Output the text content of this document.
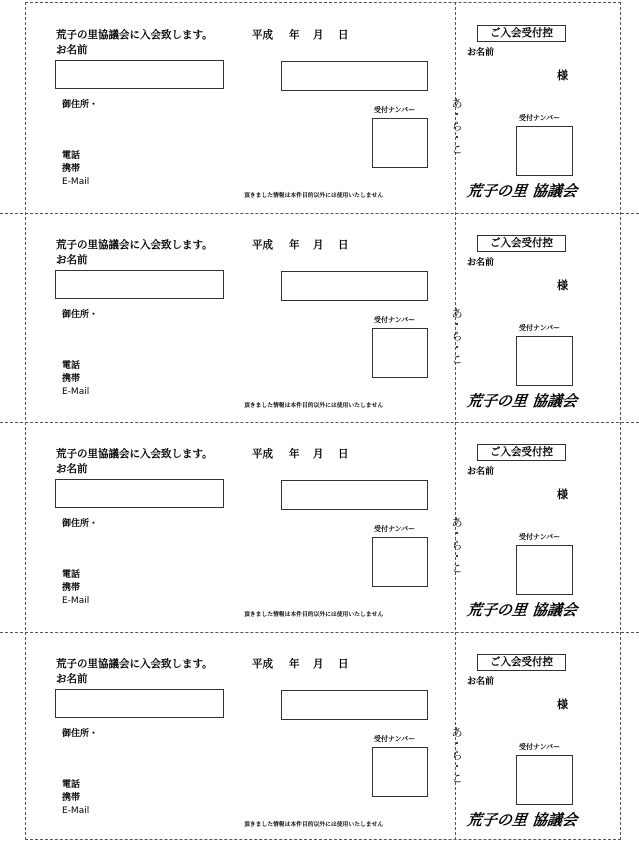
荒子の里協議会に入会致します。	平成 年 月 日
お名前
御住所・	受付ナンバー
電話
携帯
E-Mail
頂きました情報は本件目的以外には使用いたしません
あ
・
ら
・
こ
ご入会受付控
お名前
様
受付ナンバー
荒子の里 協議会
荒子の里協議会に入会致します。	平成 年 月 日
お名前
御住所・	受付ナンバー
電話
携帯
E-Mail
頂きました情報は本件目的以外には使用いたしません
あ
・
ら
・
こ
ご入会受付控
お名前
様
受付ナンバー
荒子の里 協議会
荒子の里協議会に入会致します。	平成 年 月 日
お名前
御住所・	受付ナンバー
電話
携帯
E-Mail
頂きました情報は本件目的以外には使用いたしません
あ
・
ら
・
こ
ご入会受付控
お名前
様
受付ナンバー
荒子の里 協議会
荒子の里協議会に入会致します。	平成 年 月 日
お名前
御住所・	受付ナンバー
電話
携帯
E-Mail
頂きました情報は本件目的以外には使用いたしません
あ
・
ら
・
こ
ご入会受付控
お名前
様
受付ナンバー
荒子の里 協議会
